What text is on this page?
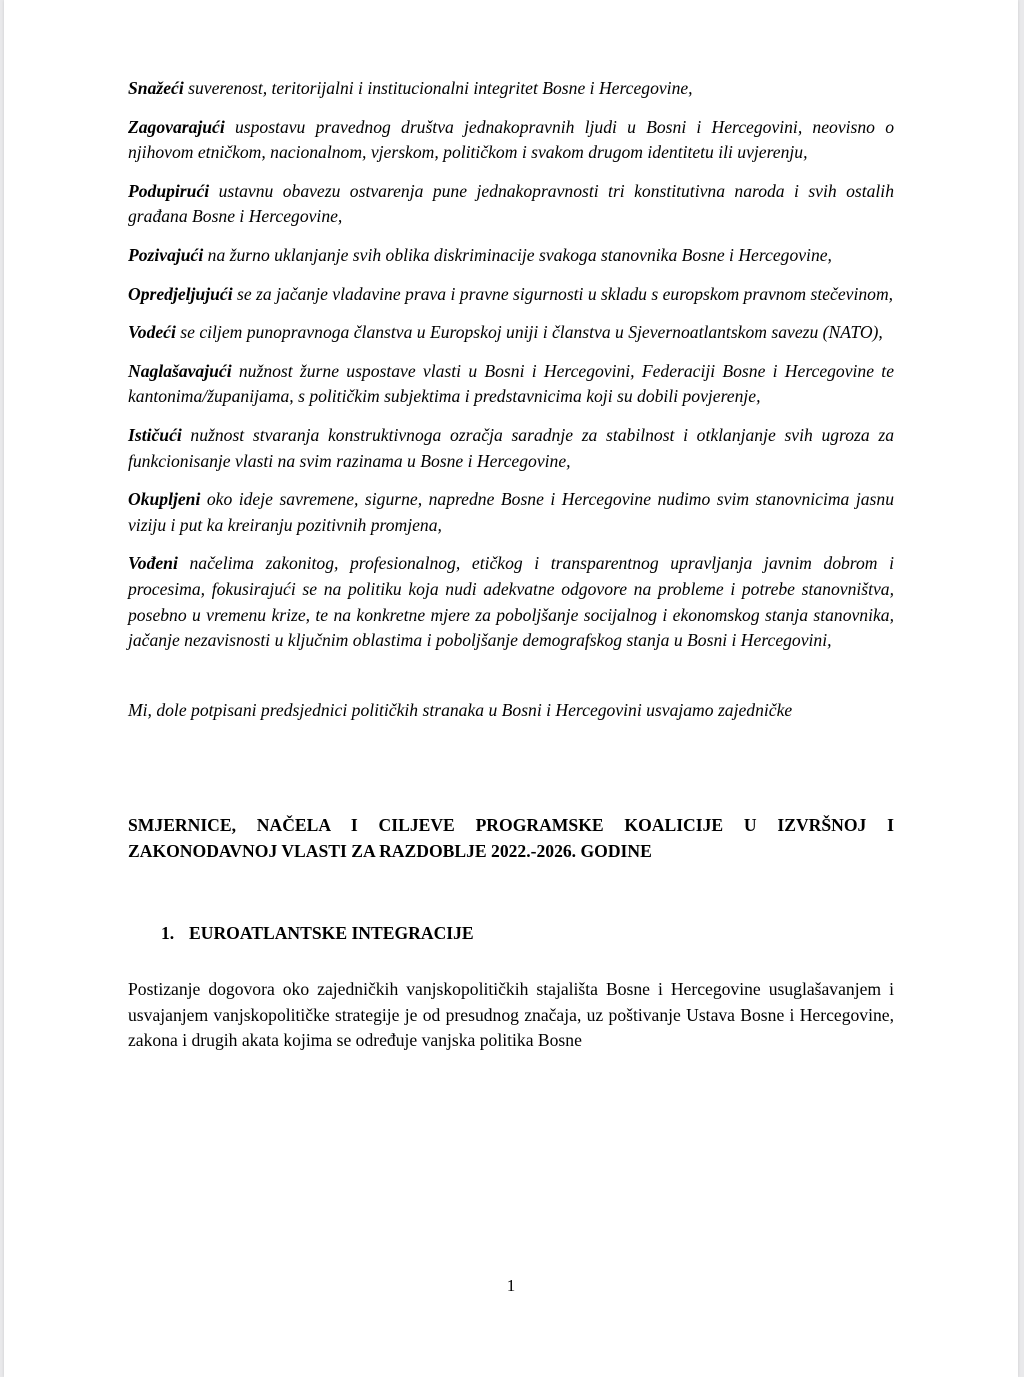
Snažeći suverenost, teritorijalni i institucionalni integritet Bosne i Hercegovine,

Zagovarajući uspostavu pravednog društva jednakopravnih ljudi u Bosni i Hercegovini, neovisno o njihovom etničkom, nacionalnom, vjerskom, političkom i svakom drugom identitetu ili uvjerenju,

Podupirući ustavnu obavezu ostvarenja pune jednakopravnosti tri konstitutivna naroda i svih ostalih građana Bosne i Hercegovine,

Pozivajući na žurno uklanjanje svih oblika diskriminacije svakoga stanovnika Bosne i Hercegovine,

Opredjeljujući se za jačanje vladavine prava i pravne sigurnosti u skladu s europskom pravnom stečevinom,

Vodeći se ciljem punopravnoga članstva u Europskoj uniji i članstva u Sjevernoatlantskom savezu (NATO),

Naglašavajući nužnost žurne uspostave vlasti u Bosni i Hercegovini, Federaciji Bosne i Hercegovine te kantonima/županijama, s političkim subjektima i predstavnicima koji su dobili povjerenje,

Ističući nužnost stvaranja konstruktivnoga ozračja saradnje za stabilnost i otklanjanje svih ugroza za funkcionisanje vlasti na svim razinama u Bosne i Hercegovine,

Okupljeni oko ideje savremene, sigurne, napredne Bosne i Hercegovine nudimo svim stanovnicima jasnu viziju i put ka kreiranju pozitivnih promjena,

Vođeni načelima zakonitog, profesionalnog, etičkog i transparentnog upravljanja javnim dobrom i procesima, fokusirajući se na politiku koja nudi adekvatne odgovore na probleme i potrebe stanovništva, posebno u vremenu krize, te na konkretne mjere za poboljšanje socijalnog i ekonomskog stanja stanovnika, jačanje nezavisnosti u ključnim oblastima i poboljšanje demografskog stanja u Bosni i Hercegovini,

Mi, dole potpisani predsjednici političkih stranaka u Bosni i Hercegovini usvajamo zajedničke

SMJERNICE, NAČELA I CILJEVE PROGRAMSKE KOALICIJE U IZVRŠNOJ I ZAKONODAVNOJ VLASTI ZA RAZDOBLJE 2022.-2026. GODINE

1. EUROATLANTSKE INTEGRACIJE

Postizanje dogovora oko zajedničkih vanjskopolitičkih stajališta Bosne i Hercegovine usuglašavanjem i usvajanjem vanjskopolitičke strategije je od presudnog značaja, uz poštivanje Ustava Bosne i Hercegovine, zakona i drugih akata kojima se određuje vanjska politika Bosne

1
